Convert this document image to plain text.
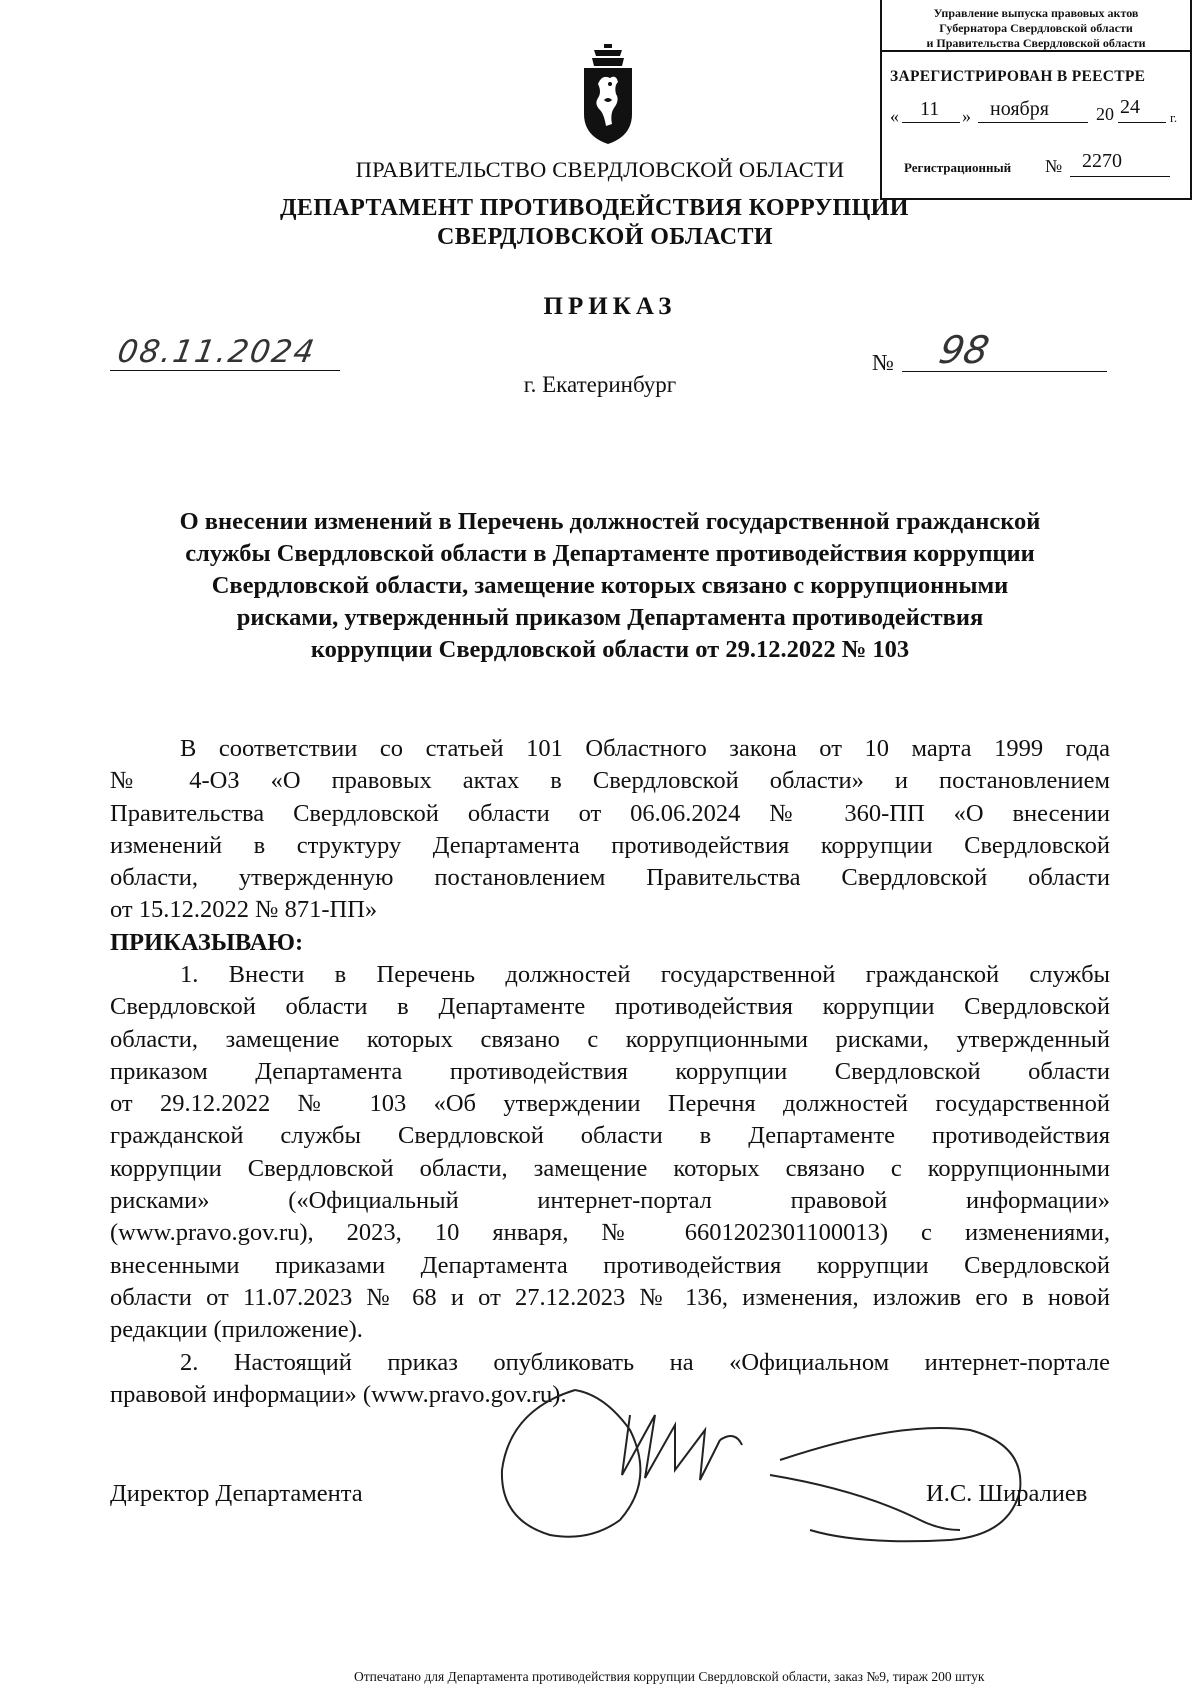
Управление выпуска правовых актов
Губернатора Свердловской области
и Правительства Свердловской области
ЗАРЕГИСТРИРОВАН В РЕЕСТРЕ
« 11 » ноября	20 24 г.
Регистрационный № 2270
ПРАВИТЕЛЬСТВО СВЕРДЛОВСКОЙ ОБЛАСТИ
ДЕПАРТАМЕНТ ПРОТИВОДЕЙСТВИЯ КОРРУПЦИИ
СВЕРДЛОВСКОЙ ОБЛАСТИ
ПРИКАЗ
08.11.2024
г. Екатеринбург
№ 98
О внесении изменений в Перечень должностей государственной гражданской
службы Свердловской области в Департаменте противодействия коррупции
Свердловской области, замещение которых связано с коррупционными
рисками, утвержденный приказом Департамента противодействия
коррупции Свердловской области от 29.12.2022 № 103
В соответствии со статьей 101 Областного закона от 10 марта 1999 года
№ 4-ОЗ «О правовых актах в Свердловской области» и постановлением
Правительства Свердловской области от 06.06.2024 № 360-ПП «О внесении
изменений в структуру Департамента противодействия коррупции Свердловской
области, утвержденную постановлением Правительства Свердловской области
от 15.12.2022 № 871-ПП»
ПРИКАЗЫВАЮ:
1. Внести в Перечень должностей государственной гражданской службы
Свердловской области в Департаменте противодействия коррупции Свердловской
области, замещение которых связано с коррупционными рисками, утвержденный
приказом Департамента противодействия коррупции Свердловской области
от 29.12.2022 № 103 «Об утверждении Перечня должностей государственной
гражданской службы Свердловской области в Департаменте противодействия
коррупции Свердловской области, замещение которых связано с коррупционными
рисками» («Официальный интернет-портал правовой информации»
(www.pravo.gov.ru), 2023, 10 января, № 6601202301100013) с изменениями,
внесенными приказами Департамента противодействия коррупции Свердловской
области от 11.07.2023 № 68 и от 27.12.2023 № 136, изменения, изложив его в новой
редакции (приложение).
2. Настоящий приказ опубликовать на «Официальном интернет-портале
правовой информации» (www.pravo.gov.ru).
Директор Департамента	И.С. Ширалиев
Отпечатано для Департамента противодействия коррупции Свердловской области, заказ №9, тираж 200 штук
